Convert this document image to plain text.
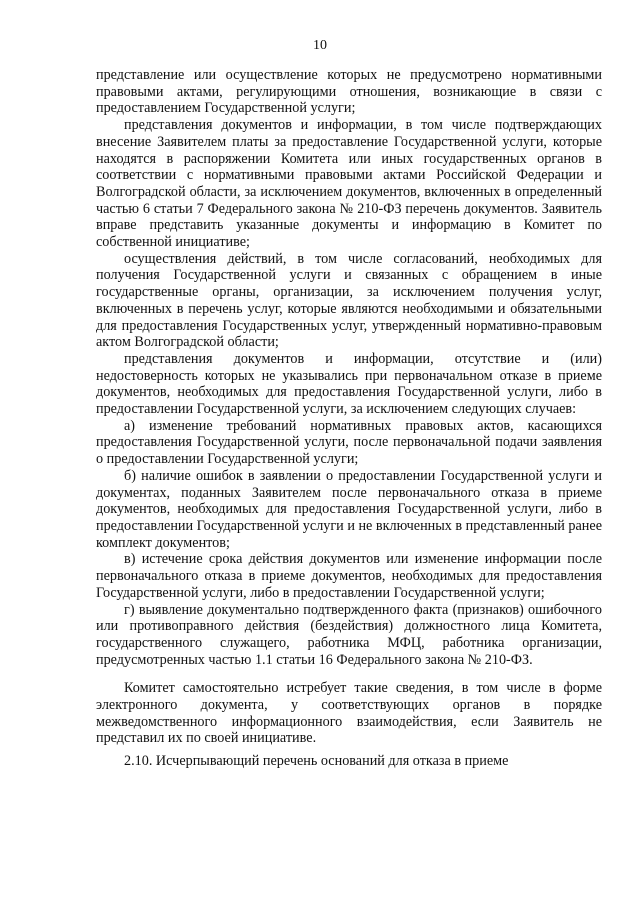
10

представление или осуществление которых не предусмотрено нормативными правовыми актами, регулирующими отношения, возникающие в связи с предоставлением Государственной услуги;

представления документов и информации, в том числе подтверждающих внесение Заявителем платы за предоставление Государственной услуги, которые находятся в распоряжении Комитета или иных государственных органов в соответствии с нормативными правовыми актами Российской Федерации и Волгоградской области, за исключением документов, включенных в определенный частью 6 статьи 7 Федерального закона № 210-ФЗ перечень документов. Заявитель вправе представить указанные документы и информацию в Комитет по собственной инициативе;

осуществления действий, в том числе согласований, необходимых для получения Государственной услуги и связанных с обращением в иные государственные органы, организации, за исключением получения услуг, включенных в перечень услуг, которые являются необходимыми и обязательными для предоставления Государственных услуг, утвержденный нормативно-правовым актом Волгоградской области;

представления документов и информации, отсутствие и (или) недостоверность которых не указывались при первоначальном отказе в приеме документов, необходимых для предоставления Государственной услуги, либо в предоставлении Государственной услуги, за исключением следующих случаев:

а) изменение требований нормативных правовых актов, касающихся предоставления Государственной услуги, после первоначальной подачи заявления о предоставлении Государственной услуги;

б) наличие ошибок в заявлении о предоставлении Государственной услуги и документах, поданных Заявителем после первоначального отказа в приеме документов, необходимых для предоставления Государственной услуги, либо в предоставлении Государственной услуги и не включенных в представленный ранее комплект документов;

в) истечение срока действия документов или изменение информации после первоначального отказа в приеме документов, необходимых для предоставления Государственной услуги, либо в предоставлении Государственной услуги;

г) выявление документально подтвержденного факта (признаков) ошибочного или противоправного действия (бездействия) должностного лица Комитета, государственного служащего, работника МФЦ, работника организации, предусмотренных частью 1.1 статьи 16 Федерального закона № 210-ФЗ.

Комитет самостоятельно истребует такие сведения, в том числе в форме электронного документа, у соответствующих органов в порядке межведомственного информационного взаимодействия, если Заявитель не представил их по своей инициативе.

2.10. Исчерпывающий перечень оснований для отказа в приеме
